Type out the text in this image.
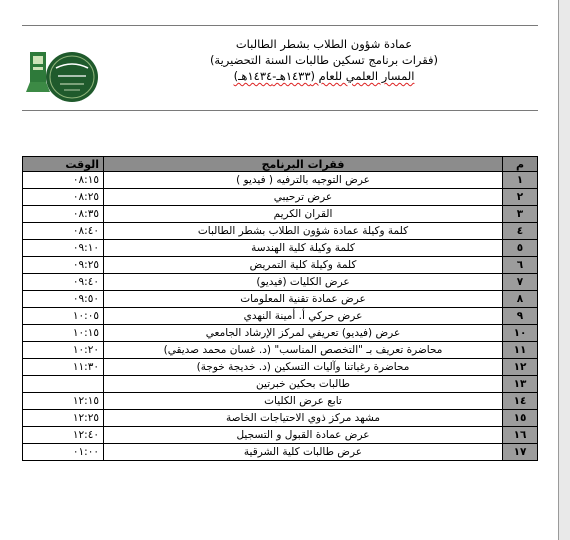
عمادة شؤون الطلاب بشطر الطالبات
(فقرات برنامج تسكين طالبات السنة التحضيرية)
المسار العلمي للعام (١٤٣٣هـ-١٤٣٤هـ)
م	فقرات البرنامج	الوقت
١	عرض التوجيه بالترفيه ( فيديو )	٠٨:١٥
٢	عرض ترحيبي	٠٨:٢٥
٣	القران الكريم	٠٨:٣٥
٤	كلمة وكيلة عمادة شؤون الطلاب بشطر الطالبات	٠٨:٤٠
٥	كلمة وكيلة كلية الهندسة	٠٩:١٠
٦	كلمة وكيلة كلية التمريض	٠٩:٢٥
٧	عرض الكليات (فيديو)	٠٩:٤٠
٨	عرض عمادة تقنية المعلومات	٠٩:٥٠
٩	عرض حركي أ. أمينة النهدي	١٠:٠٥
١٠	عرض (فيديو) تعريفي لمركز الإرشاد الجامعي	١٠:١٥
١١	محاضرة تعريف بـ "التخصص المناسب" (د. غسان محمد صديقي)	١٠:٢٠
١٢	محاضرة رغباتنا وآليات التسكين (د. خديجة خوجة)	١١:٣٠
١٣	طالبات بحكين خبرتين	
١٤	تابع عرض الكليات	١٢:١٥
١٥	مشهد مركز ذوي الاحتياجات الخاصة	١٢:٢٥
١٦	عرض عمادة القبول و التسجيل	١٢:٤٠
١٧	عرض طالبات كلية الشرقية	٠١:٠٠
